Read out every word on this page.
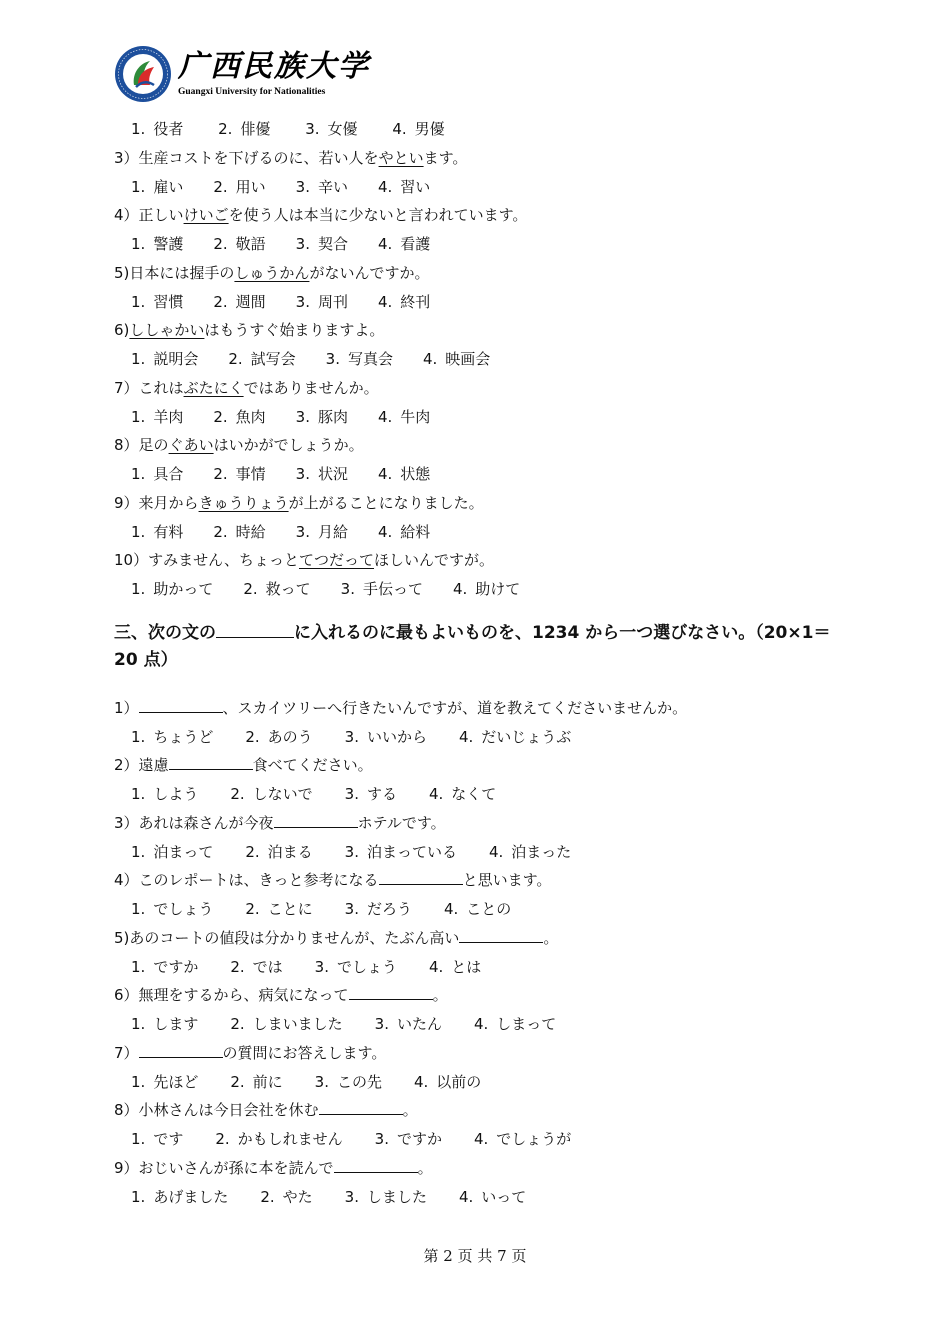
广西民族大学
Guangxi University for Nationalities
1. 役者 2. 俳優 3. 女優 4. 男優
3）生産コストを下げるのに、若い人をやといます。
1. 雇い 2. 用い 3. 辛い 4. 習い
4）正しいけいごを使う人は本当に少ないと言われています。
1. 警護 2. 敬語 3. 契合 4. 看護
5)日本には握手のしゅうかんがないんですか。
1. 習慣 2. 週間 3. 周刊 4. 終刊
6)ししゃかいはもうすぐ始まりますよ。
1. 説明会 2. 試写会 3. 写真会 4. 映画会
7）これはぶたにくではありませんか。
1. 羊肉 2. 魚肉 3. 豚肉 4. 牛肉
8）足のぐあいはいかがでしょうか。
1. 具合 2. 事情 3. 状況 4. 状態
9）来月からきゅうりょうが上がることになりました。
1. 有料 2. 時給 3. 月給 4. 給料
10）すみません、ちょっとてつだってほしいんですが。
1. 助かって 2. 救って 3. 手伝って 4. 助けて
三、次の文の	に入れるのに最もよいものを、1234 から一つ選びなさい。（20×1＝20 点）
1）	、スカイツリーへ行きたいんですが、道を教えてくださいませんか。
1. ちょうど 2. あのう 3. いいから 4. だいじょうぶ
2）遠慮	食べてください。
1. しよう 2. しないで 3. する 4. なくて
3）あれは森さんが今夜	ホテルです。
1. 泊まって 2. 泊まる 3. 泊まっている 4. 泊まった
4）このレポートは、きっと参考になる	と思います。
1. でしょう 2. ことに 3. だろう 4. ことの
5)あのコートの値段は分かりませんが、たぶん高い	。
1. ですか 2. では 3. でしょう 4. とは
6）無理をするから、病気になって	。
1. します 2. しまいました 3. いたん 4. しまって
7）	の質問にお答えします。
1. 先ほど 2. 前に 3. この先 4. 以前の
8）小林さんは今日会社を休む	。
1. です 2. かもしれません 3. ですか 4. でしょうが
9）おじいさんが孫に本を読んで	。
1. あげました 2. やた 3. しました 4. いって
第 2 页 共 7 页
